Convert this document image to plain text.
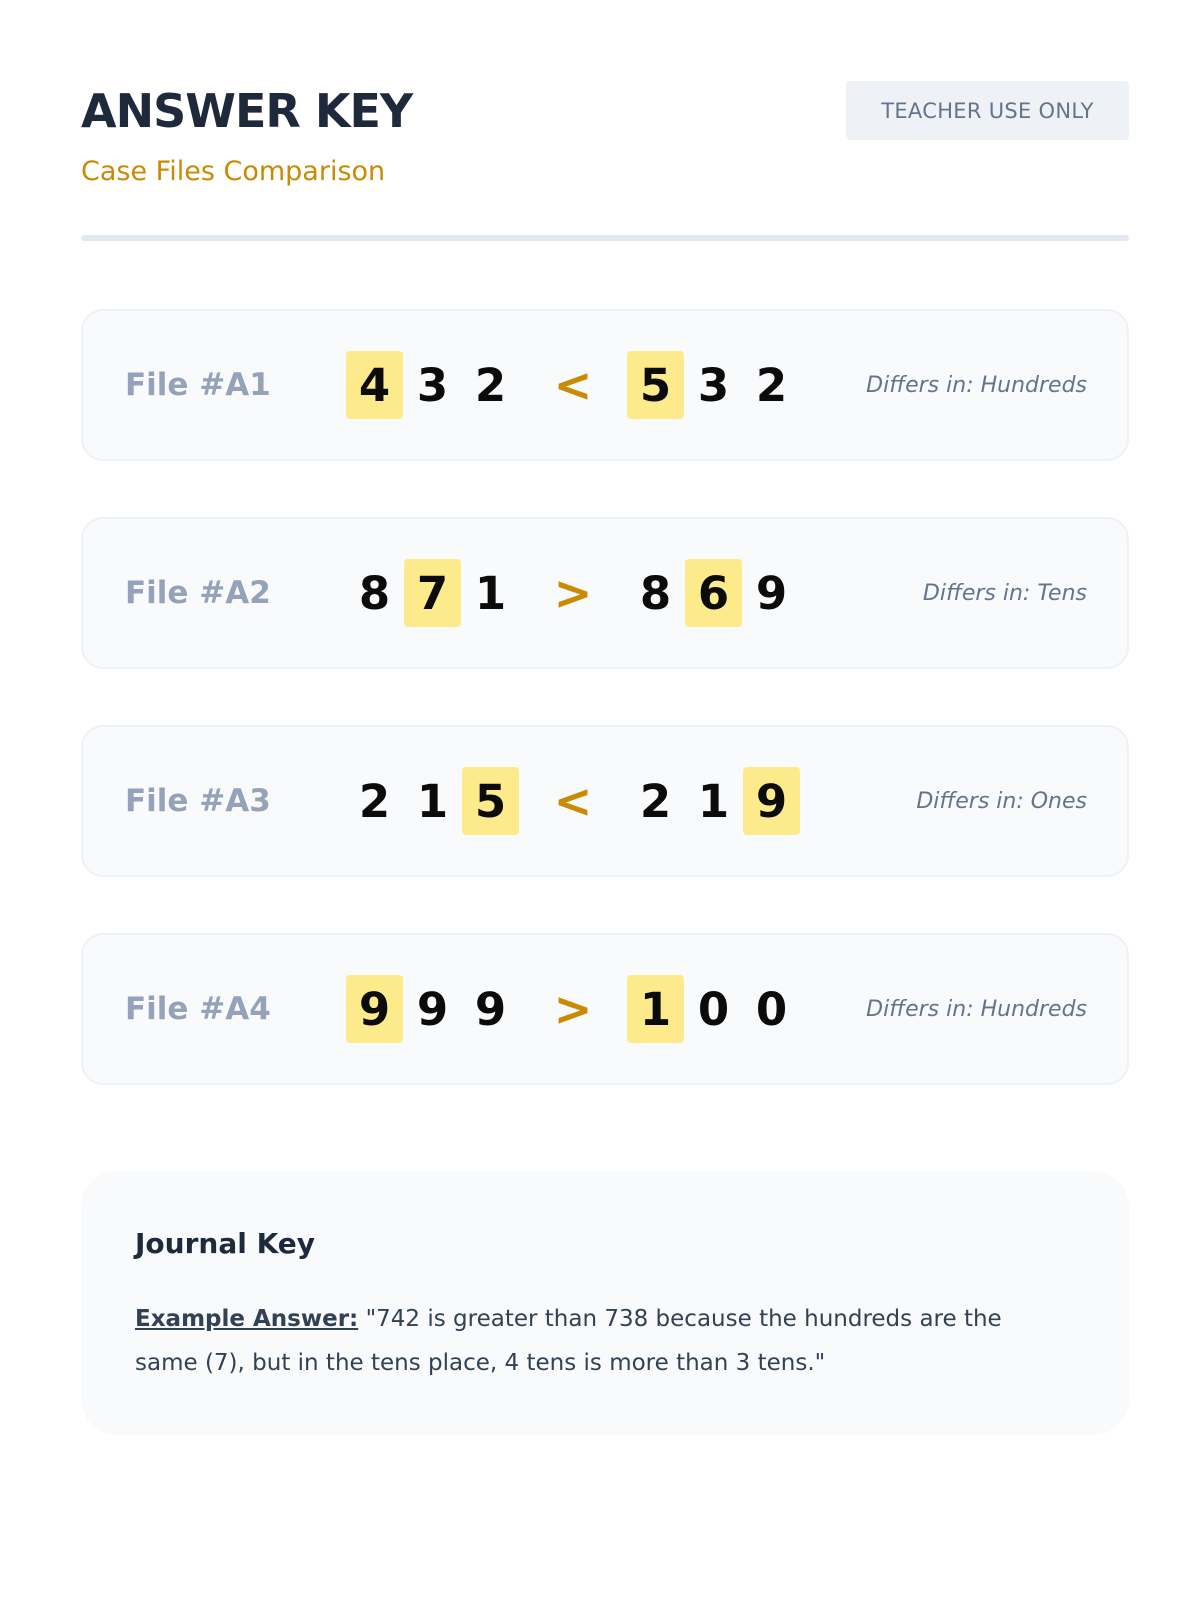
ANSWER KEY
Case Files Comparison
TEACHER USE ONLY
File #A1 4 3 2 < 5 3 2	Differs in: Hundreds
File #A2 8 7 1 > 8 6 9	Differs in: Tens
File #A3 2 1 5 < 2 1 9	Differs in: Ones
File #A4 9 9 9 > 1 0 0	Differs in: Hundreds
Journal Key

Example Answer: "742 is greater than 738 because the hundreds are the same (7), but in the tens place, 4 tens is more than 3 tens."
